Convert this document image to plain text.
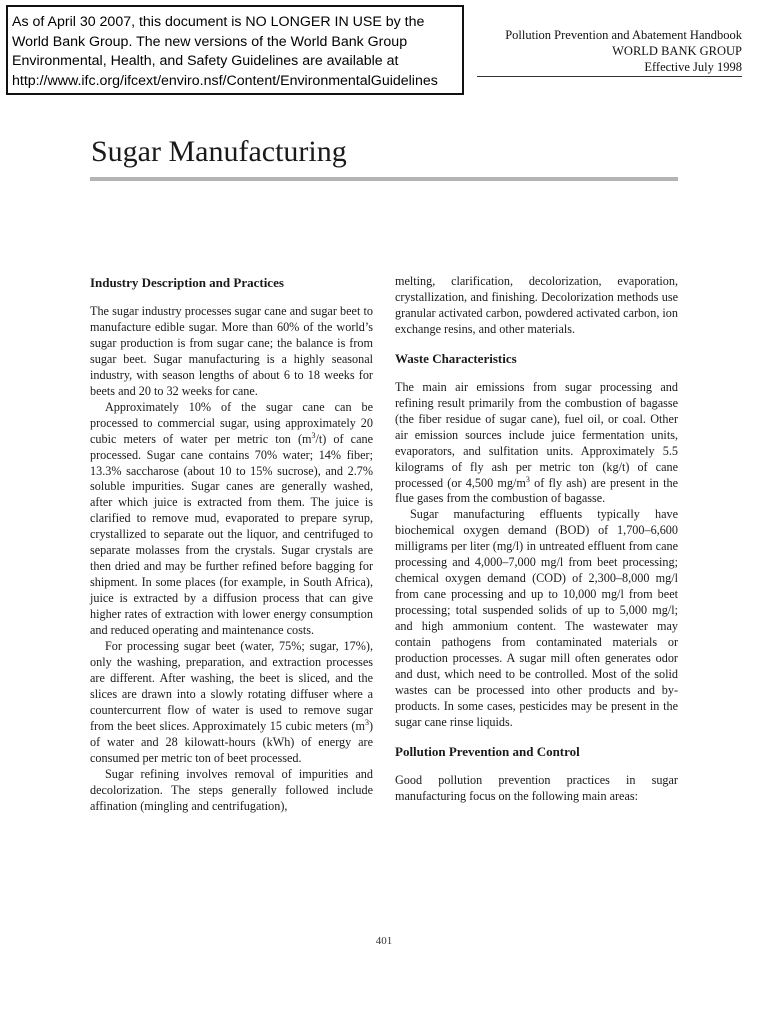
As of April 30 2007, this document is NO LONGER IN USE by the
World Bank Group. The new versions of the World Bank Group
Environmental, Health, and Safety Guidelines are available at
http://www.ifc.org/ifcext/enviro.nsf/Content/EnvironmentalGuidelines
Pollution Prevention and Abatement Handbook
WORLD BANK GROUP
Effective July 1998
Sugar Manufacturing
Industry Description and Practices

The sugar industry processes sugar cane and sugar beet to manufacture edible sugar. More than 60% of the world’s sugar production is from sugar cane; the balance is from sugar beet. Sugar manufacturing is a highly seasonal industry, with season lengths of about 6 to 18 weeks for beets and 20 to 32 weeks for cane.

Approximately 10% of the sugar cane can be processed to commercial sugar, using approximately 20 cubic meters of water per metric ton $(m^3/t)$ of cane processed. Sugar cane contains 70% water; 14% fiber; 13.3% saccharose (about 10 to 15% sucrose), and 2.7% soluble impurities. Sugar canes are generally washed, after which juice is extracted from them. The juice is clarified to remove mud, evaporated to prepare syrup, crystallized to separate out the liquor, and centrifuged to separate molasses from the crystals. Sugar crystals are then dried and may be further refined before bagging for shipment. In some places (for example, in South Africa), juice is extracted by a diffusion process that can give higher rates of extraction with lower energy consumption and reduced operating and maintenance costs.

For processing sugar beet (water, 75%; sugar, 17%), only the washing, preparation, and extraction processes are different. After washing, the beet is sliced, and the slices are drawn into a slowly rotating diffuser where a countercurrent flow of water is used to remove sugar from the beet slices. Approximately 15 cubic meters $(m^3)$ of water and 28 kilowatt-hours (kWh) of energy are consumed per metric ton of beet processed.

Sugar refining involves removal of impurities and decolorization. The steps generally followed include affination (mingling and centrifugation),

melting, clarification, decolorization, evaporation, crystallization, and finishing. Decolorization methods use granular activated carbon, powdered activated carbon, ion exchange resins, and other materials.

Waste Characteristics

The main air emissions from sugar processing and refining result primarily from the combustion of bagasse (the fiber residue of sugar cane), fuel oil, or coal. Other air emission sources include juice fermentation units, evaporators, and sulfitation units. Approximately 5.5 kilograms of fly ash per metric ton (kg/t) of cane processed (or 4,500 $mg/m^3$ of fly ash) are present in the flue gases from the combustion of bagasse.

Sugar manufacturing effluents typically have biochemical oxygen demand (BOD) of 1,700–6,600 milligrams per liter (mg/l) in untreated effluent from cane processing and 4,000–7,000 mg/l from beet processing; chemical oxygen demand (COD) of 2,300–8,000 mg/l from cane processing and up to 10,000 mg/l from beet processing; total suspended solids of up to 5,000 mg/l; and high ammonium content. The wastewater may contain pathogens from contaminated materials or production processes. A sugar mill often generates odor and dust, which need to be controlled. Most of the solid wastes can be processed into other products and by-products. In some cases, pesticides may be present in the sugar cane rinse liquids.

Pollution Prevention and Control

Good pollution prevention practices in sugar manufacturing focus on the following main areas:

401
